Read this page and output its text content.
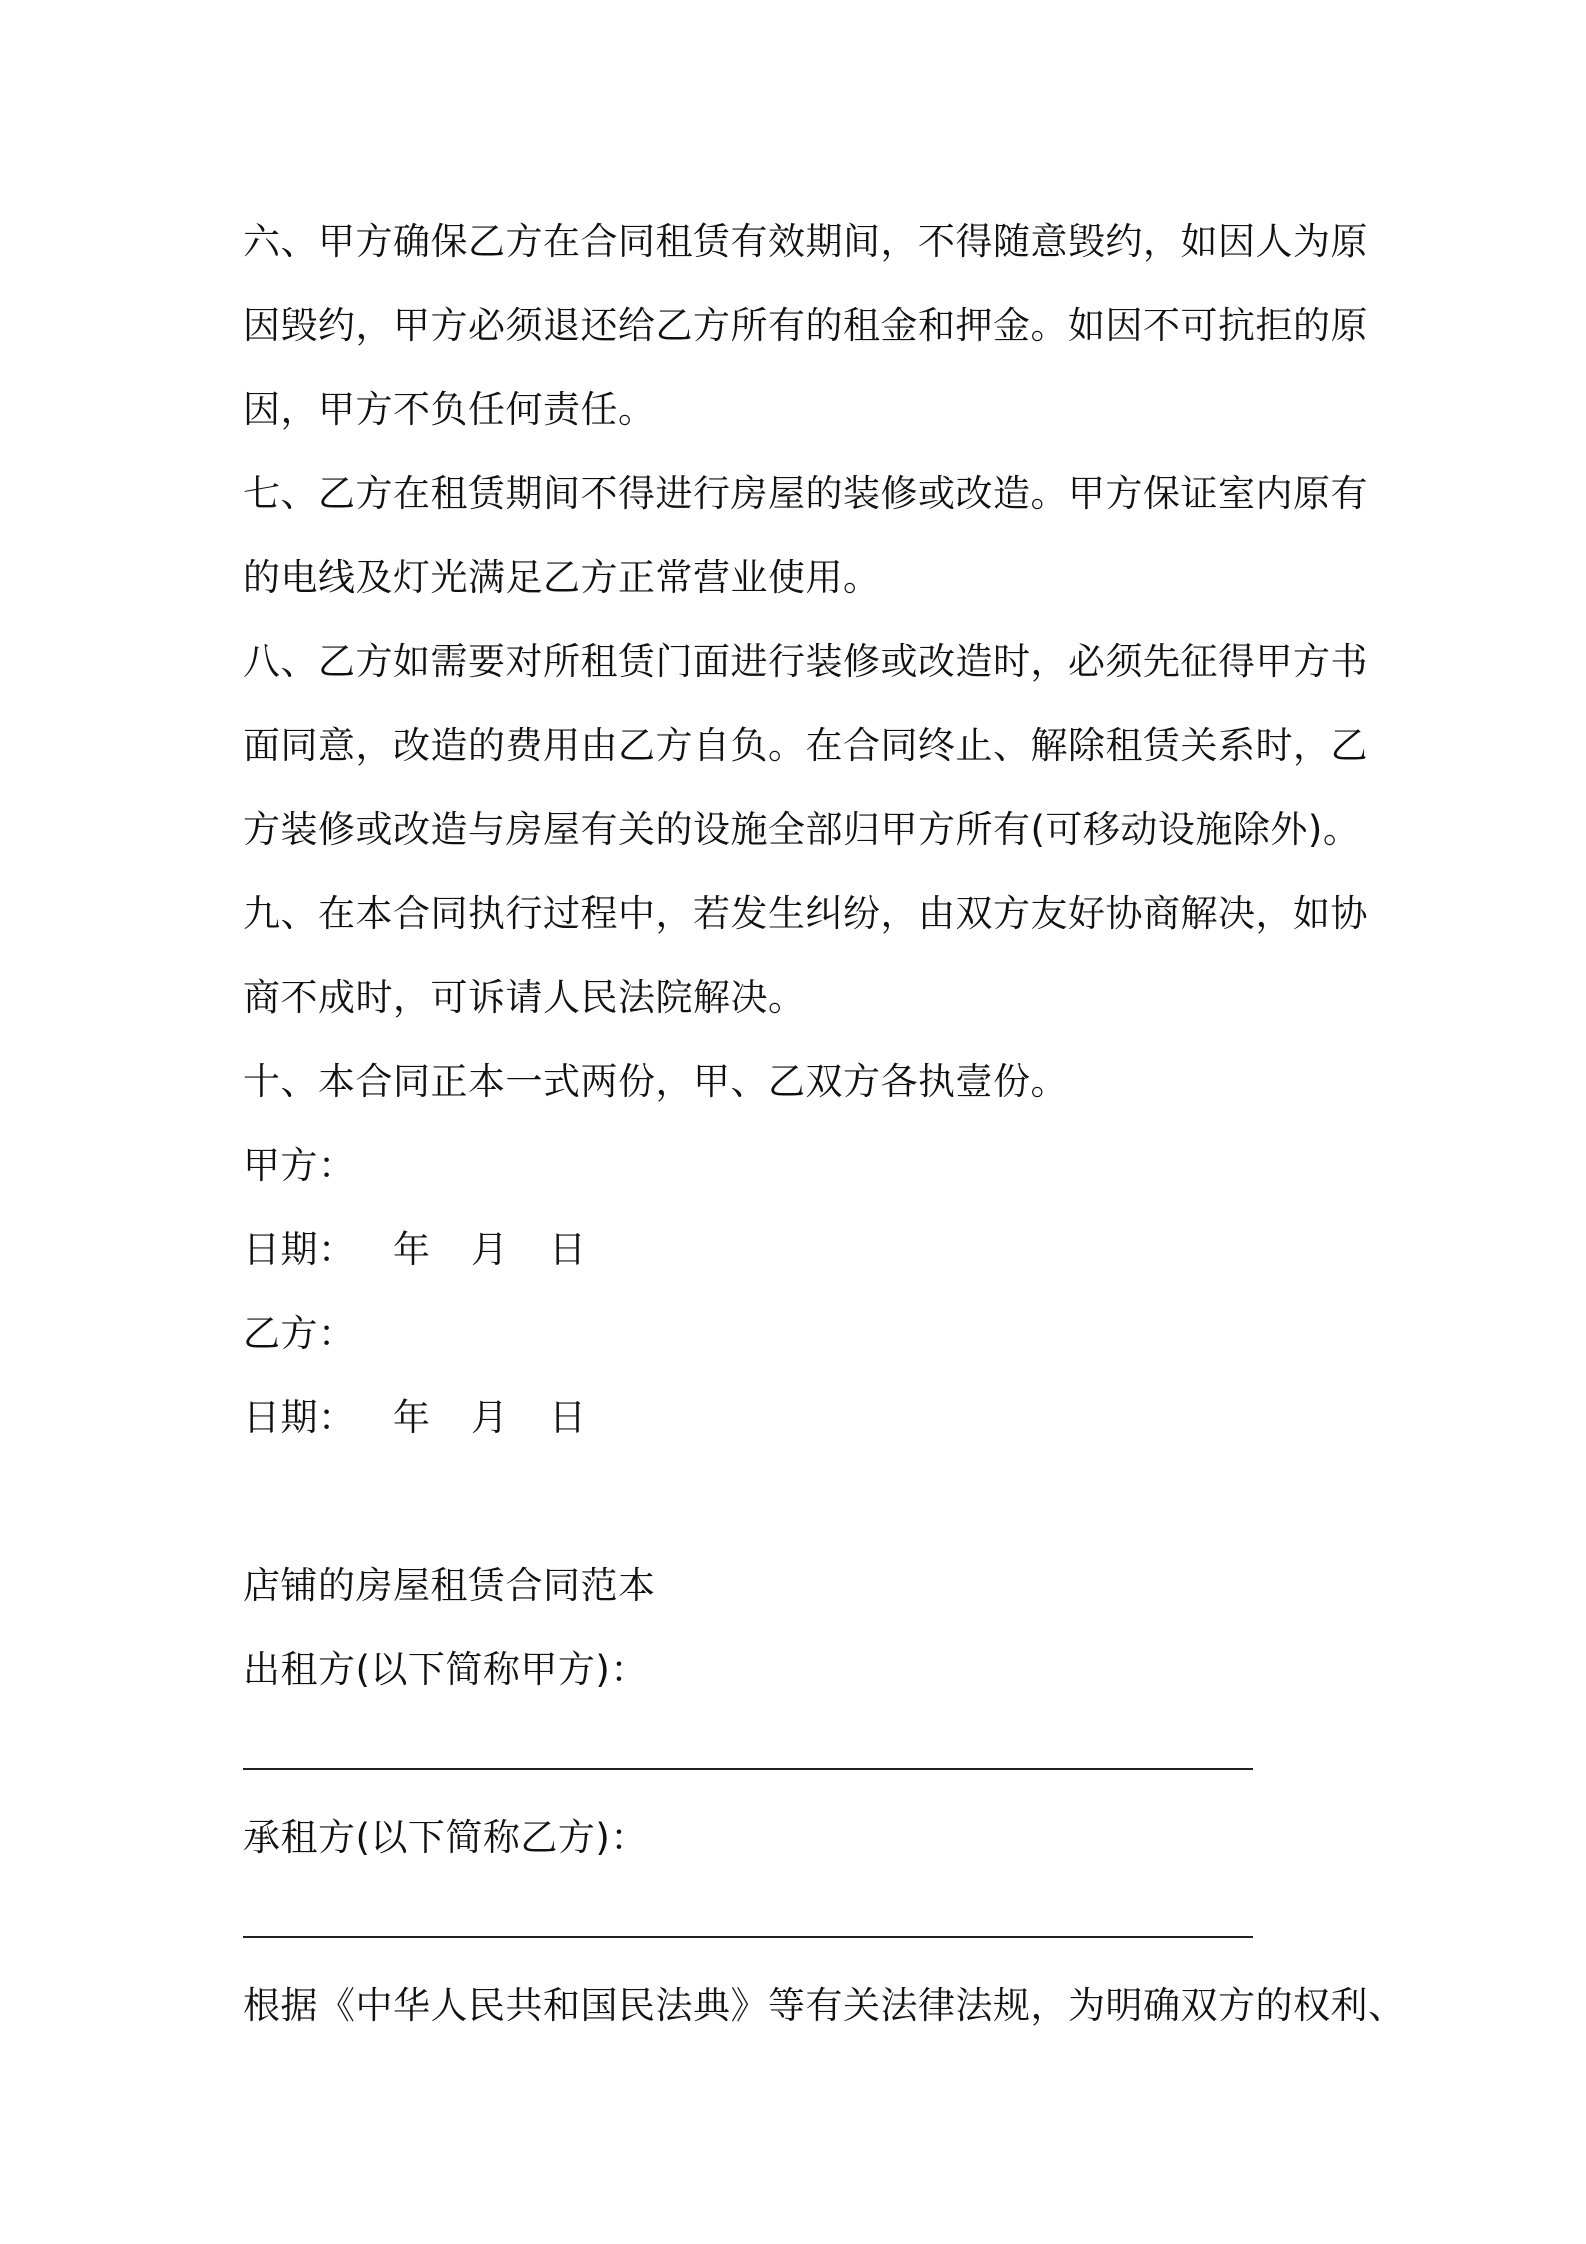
六、甲方确保乙方在合同租赁有效期间，不得随意毁约，如因人为原
因毁约，甲方必须退还给乙方所有的租金和押金。如因不可抗拒的原
因，甲方不负任何责任。
七、乙方在租赁期间不得进行房屋的装修或改造。甲方保证室内原有
的电线及灯光满足乙方正常营业使用。
八、乙方如需要对所租赁门面进行装修或改造时，必须先征得甲方书
面同意，改造的费用由乙方自负。在合同终止、解除租赁关系时，乙
方装修或改造与房屋有关的设施全部归甲方所有(可移动设施除外)。
九、在本合同执行过程中，若发生纠纷，由双方友好协商解决，如协
商不成时，可诉请人民法院解决。
十、本合同正本一式两份，甲、乙双方各执壹份。
甲方：
日期： 年 月 日
乙方：
日期： 年 月 日
店铺的房屋租赁合同范本
出租方(以下简称甲方)：
承租方(以下简称乙方)：
根据《中华人民共和国民法典》等有关法律法规，为明确双方的权利、
